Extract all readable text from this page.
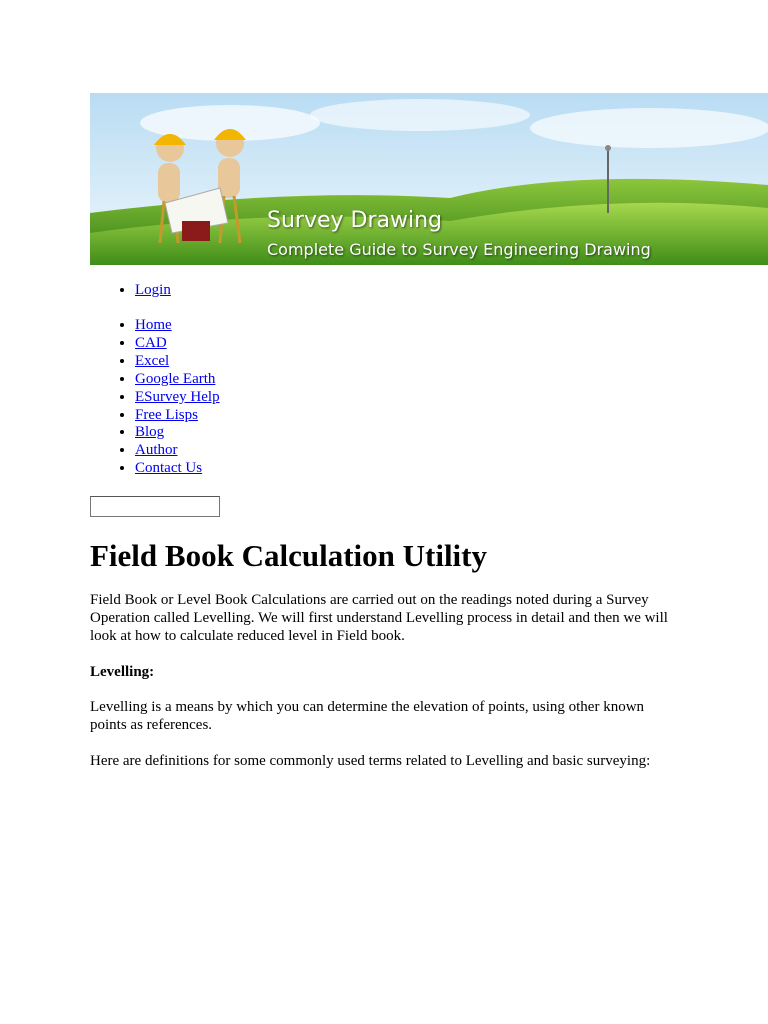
Survey Drawing
Complete Guide to Survey Engineering Drawing
• Login
• Home
• CAD
• Excel
• Google Earth
• ESurvey Help
• Free Lisps
• Blog
• Author
• Contact Us
Field Book Calculation Utility

Field Book or Level Book Calculations are carried out on the readings noted during a Survey Operation called Levelling. We will first understand Levelling process in detail and then we will look at how to calculate reduced level in Field book.

Levelling:

Levelling is a means by which you can determine the elevation of points, using other known points as references.

Here are definitions for some commonly used terms related to Levelling and basic surveying:
